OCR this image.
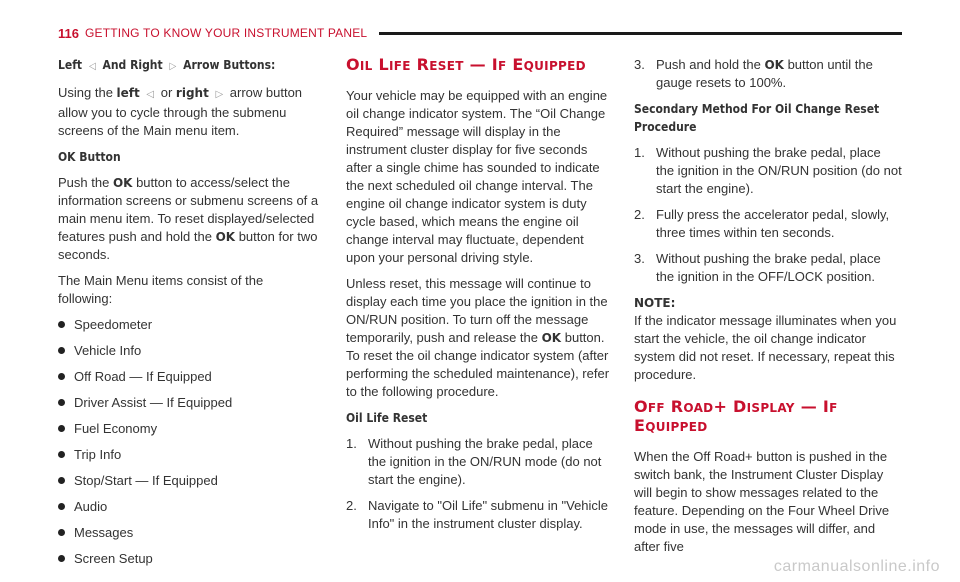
116 GETTING TO KNOW YOUR INSTRUMENT PANEL

Left ◁ And Right ▷ Arrow Buttons:

Using the left ◁ or right ▷ arrow button allow you to cycle through the submenu screens of the Main menu item.

OK Button

Push the OK button to access/select the information screens or submenu screens of a main menu item. To reset displayed/selected features push and hold the OK button for two seconds.

The Main Menu items consist of the following:

Speedometer
Vehicle Info
Off Road — If Equipped
Driver Assist — If Equipped
Fuel Economy
Trip Info
Stop/Start — If Equipped
Audio
Messages
Screen Setup
OIL LIFE RESET — IF EQUIPPED

Your vehicle may be equipped with an engine oil change indicator system. The “Oil Change Required” message will display in the instrument cluster display for five seconds after a single chime has sounded to indicate the next scheduled oil change interval. The engine oil change indicator system is duty cycle based, which means the engine oil change interval may fluctuate, dependent upon your personal driving style.

Unless reset, this message will continue to display each time you place the ignition in the ON/RUN position. To turn off the message temporarily, push and release the OK button. To reset the oil change indicator system (after performing the scheduled maintenance), refer to the following procedure.

Oil Life Reset

1. Without pushing the brake pedal, place the ignition in the ON/RUN mode (do not start the engine).
2. Navigate to "Oil Life" submenu in "Vehicle Info" in the instrument cluster display.
3. Push and hold the OK button until the gauge resets to 100%.

Secondary Method For Oil Change Reset Procedure

1. Without pushing the brake pedal, place the ignition in the ON/RUN position (do not start the engine).
2. Fully press the accelerator pedal, slowly, three times within ten seconds.
3. Without pushing the brake pedal, place the ignition in the OFF/LOCK position.

NOTE:
If the indicator message illuminates when you start the vehicle, the oil change indicator system did not reset. If necessary, repeat this procedure.

OFF ROAD+ DISPLAY — IF EQUIPPED

When the Off Road+ button is pushed in the switch bank, the Instrument Cluster Display will begin to show messages related to the feature. Depending on the Four Wheel Drive mode in use, the messages will differ, and after five

carmanualsonline.info
